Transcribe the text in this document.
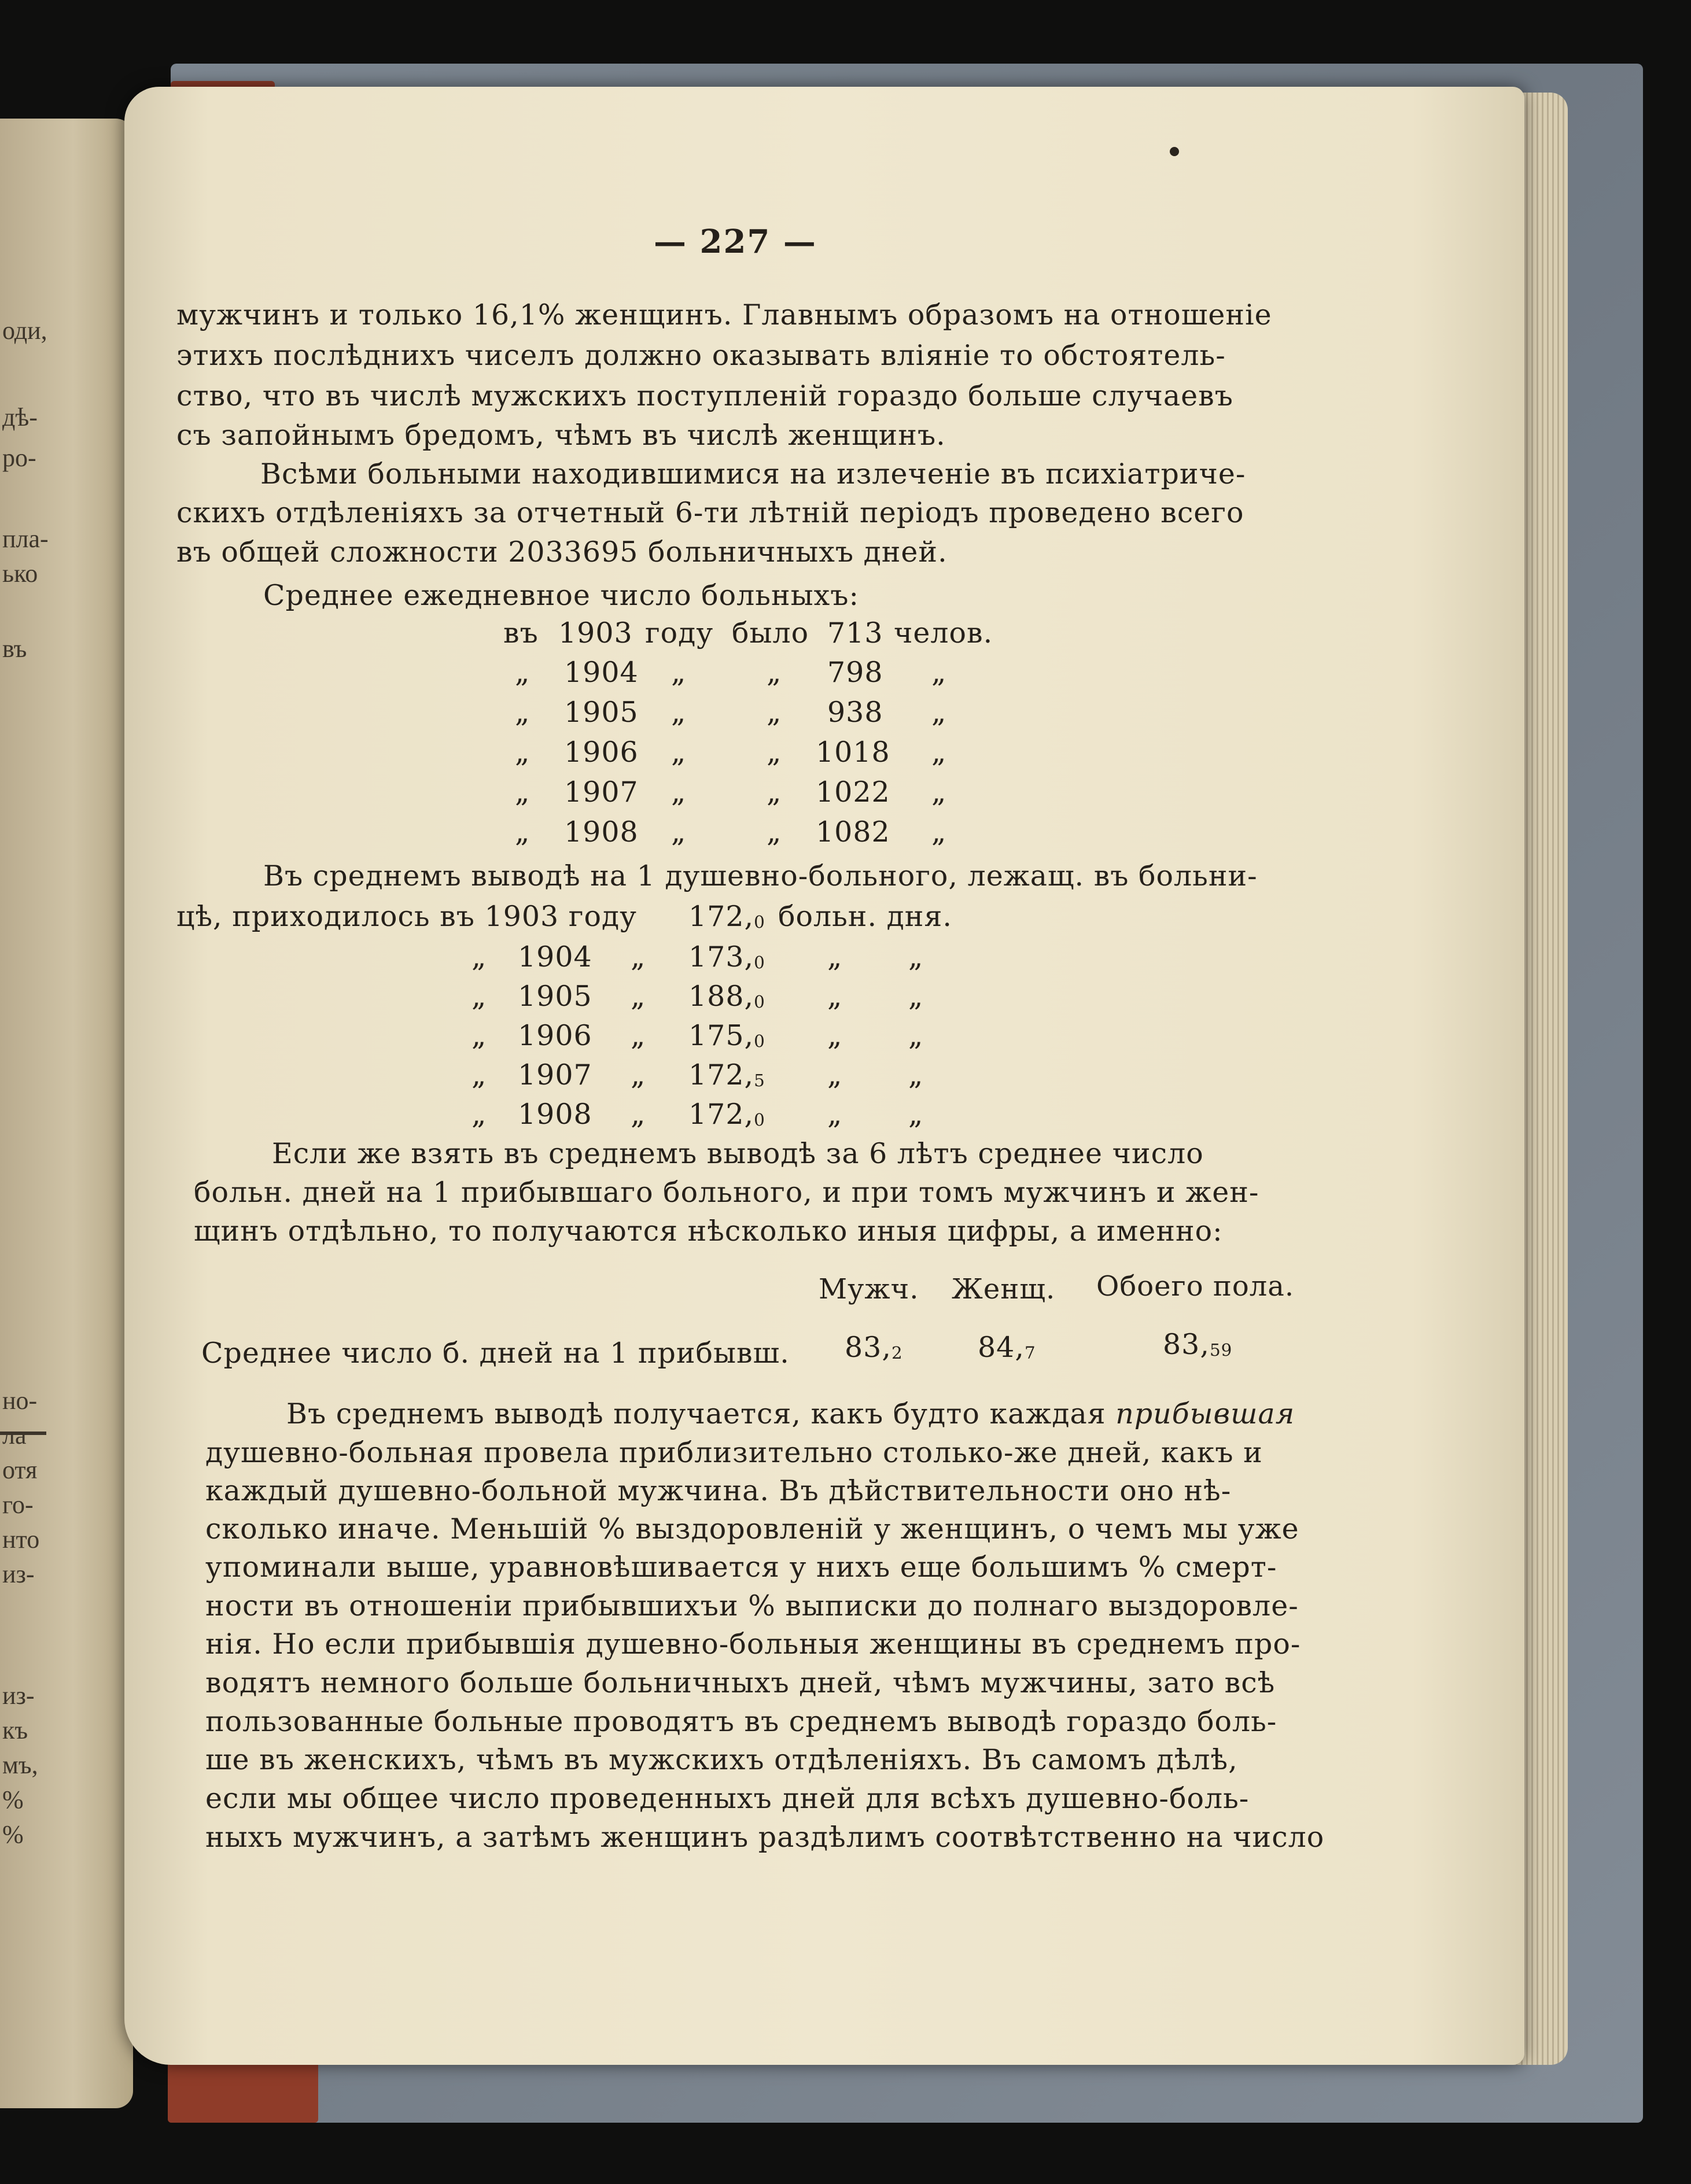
оди,
дѣ-
ро-
пла-
ько
въ
но-
ла
отя
го-
нто
из-
из-
къ
мъ,
%
%
— 227 —
мужчинъ и только 16,1% женщинъ. Главнымъ образомъ на отношеніе
этихъ послѣднихъ чиселъ должно оказывать вліяніе то обстоятель-
ство, что въ числѣ мужскихъ поступленій гораздо больше случаевъ
съ запойнымъ бредомъ, чѣмъ въ числѣ женщинъ.
Всѣми больными находившимися на излеченіе въ психіатриче-
скихъ отдѣленіяхъ за отчетный 6-ти лѣтній періодъ проведено всего
въ общей сложности 2033695 больничныхъ дней.
Среднее ежедневное число больныхъ:
въ 1903 году было 713 челов.
„ 1904 „	„ 798 „
„ 1905 „	„ 938 „
„ 1906 „	„ 1018 „
„ 1907 „	„ 1022 „
„ 1908 „	„ 1082 „
Въ среднемъ выводѣ на 1 душевно-больного, лежащ. въ больни-
цѣ, приходилось въ 1903 году $172,_0$ больн. дня.
„ 1904 „ $173,_0$ „ „
„ 1905 „ $188,_0$ „ „
„ 1906 „ $175,_0$ „ „
„ 1907 „ $172,_5$ „ „
„ 1908 „ $172,_0$ „ „
Если же взять въ среднемъ выводѣ за 6 лѣтъ среднее число
больн. дней на 1 прибывшаго больного, и при томъ мужчинъ и жен-
щинъ отдѣльно, то получаются нѣсколько иныя цифры, а именно:
Мужч. Женщ. Обоего пола.
Среднее число б. дней на 1 прибывш. $83,_2$	$84,_7$	$83,_{59}$
Въ среднемъ выводѣ получается, какъ будто каждая прибывшая
душевно-больная провела приблизительно столько-же дней, какъ и
каждый душевно-больной мужчина. Въ дѣйствительности оно нѣ-
сколько иначе. Меньшій % выздоровленій у женщинъ, о чемъ мы уже
упоминали выше, уравновѣшивается у нихъ еще большимъ % смерт-
ности въ отношеніи прибывшихъи % выписки до полнаго выздоровле-
нія. Но если прибывшія душевно-больныя женщины въ среднемъ про-
водятъ немного больше больничныхъ дней, чѣмъ мужчины, зато всѣ
пользованные больные проводятъ въ среднемъ выводѣ гораздо боль-
ше въ женскихъ, чѣмъ въ мужскихъ отдѣленіяхъ. Въ самомъ дѣлѣ,
если мы общее число проведенныхъ дней для всѣхъ душевно-боль-
ныхъ мужчинъ, а затѣмъ женщинъ раздѣлимъ соотвѣтственно на число
